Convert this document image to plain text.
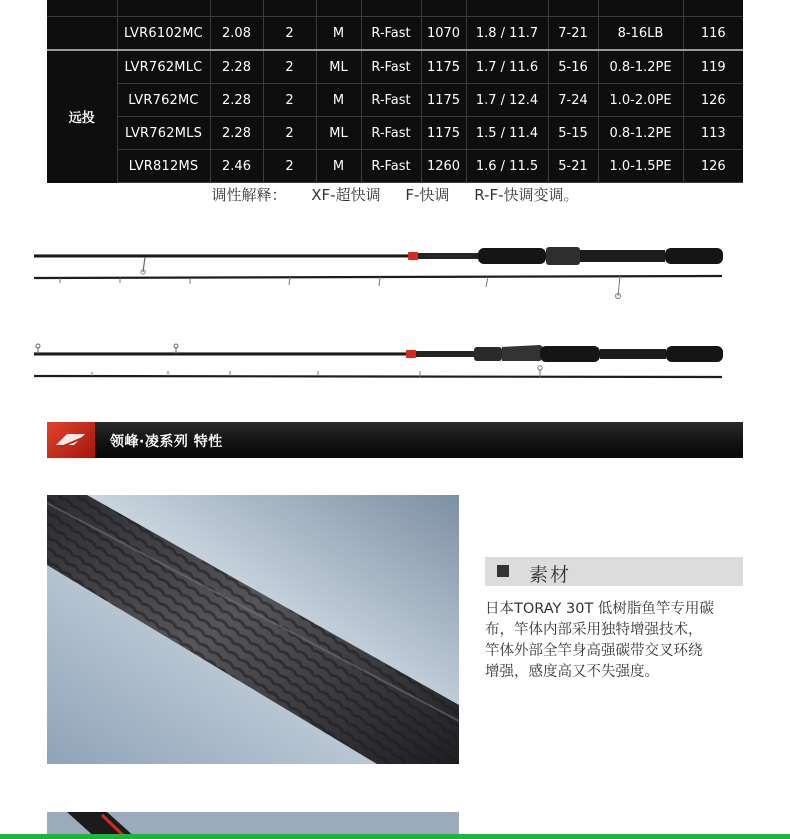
	LVR6102MC	2.08	2	M	R-Fast	1070	1.8 / 11.7	7-21	8-16LB	116
远投	LVR762MLC	2.28	2	ML	R-Fast	1175	1.7 / 11.6	5-16	0.8-1.2PE	119
	LVR762MC	2.28	2	M	R-Fast	1175	1.7 / 12.4	7-24	1.0-2.0PE	126
	LVR762MLS	2.28	2	ML	R-Fast	1175	1.5 / 11.4	5-15	0.8-1.2PE	113
	LVR812MS	2.46	2	M	R-Fast	1260	1.6 / 11.5	5-21	1.0-1.5PE	126
调性解释： XF-超快调 F-快调 R-F-快调变调。
领峰·凌系列 特性
素材
日本TORAY 30T 低树脂鱼竿专用碳
布，竿体内部采用独特增强技术，
竿体外部全竿身高强碳带交叉环绕
增强，感度高又不失强度。
